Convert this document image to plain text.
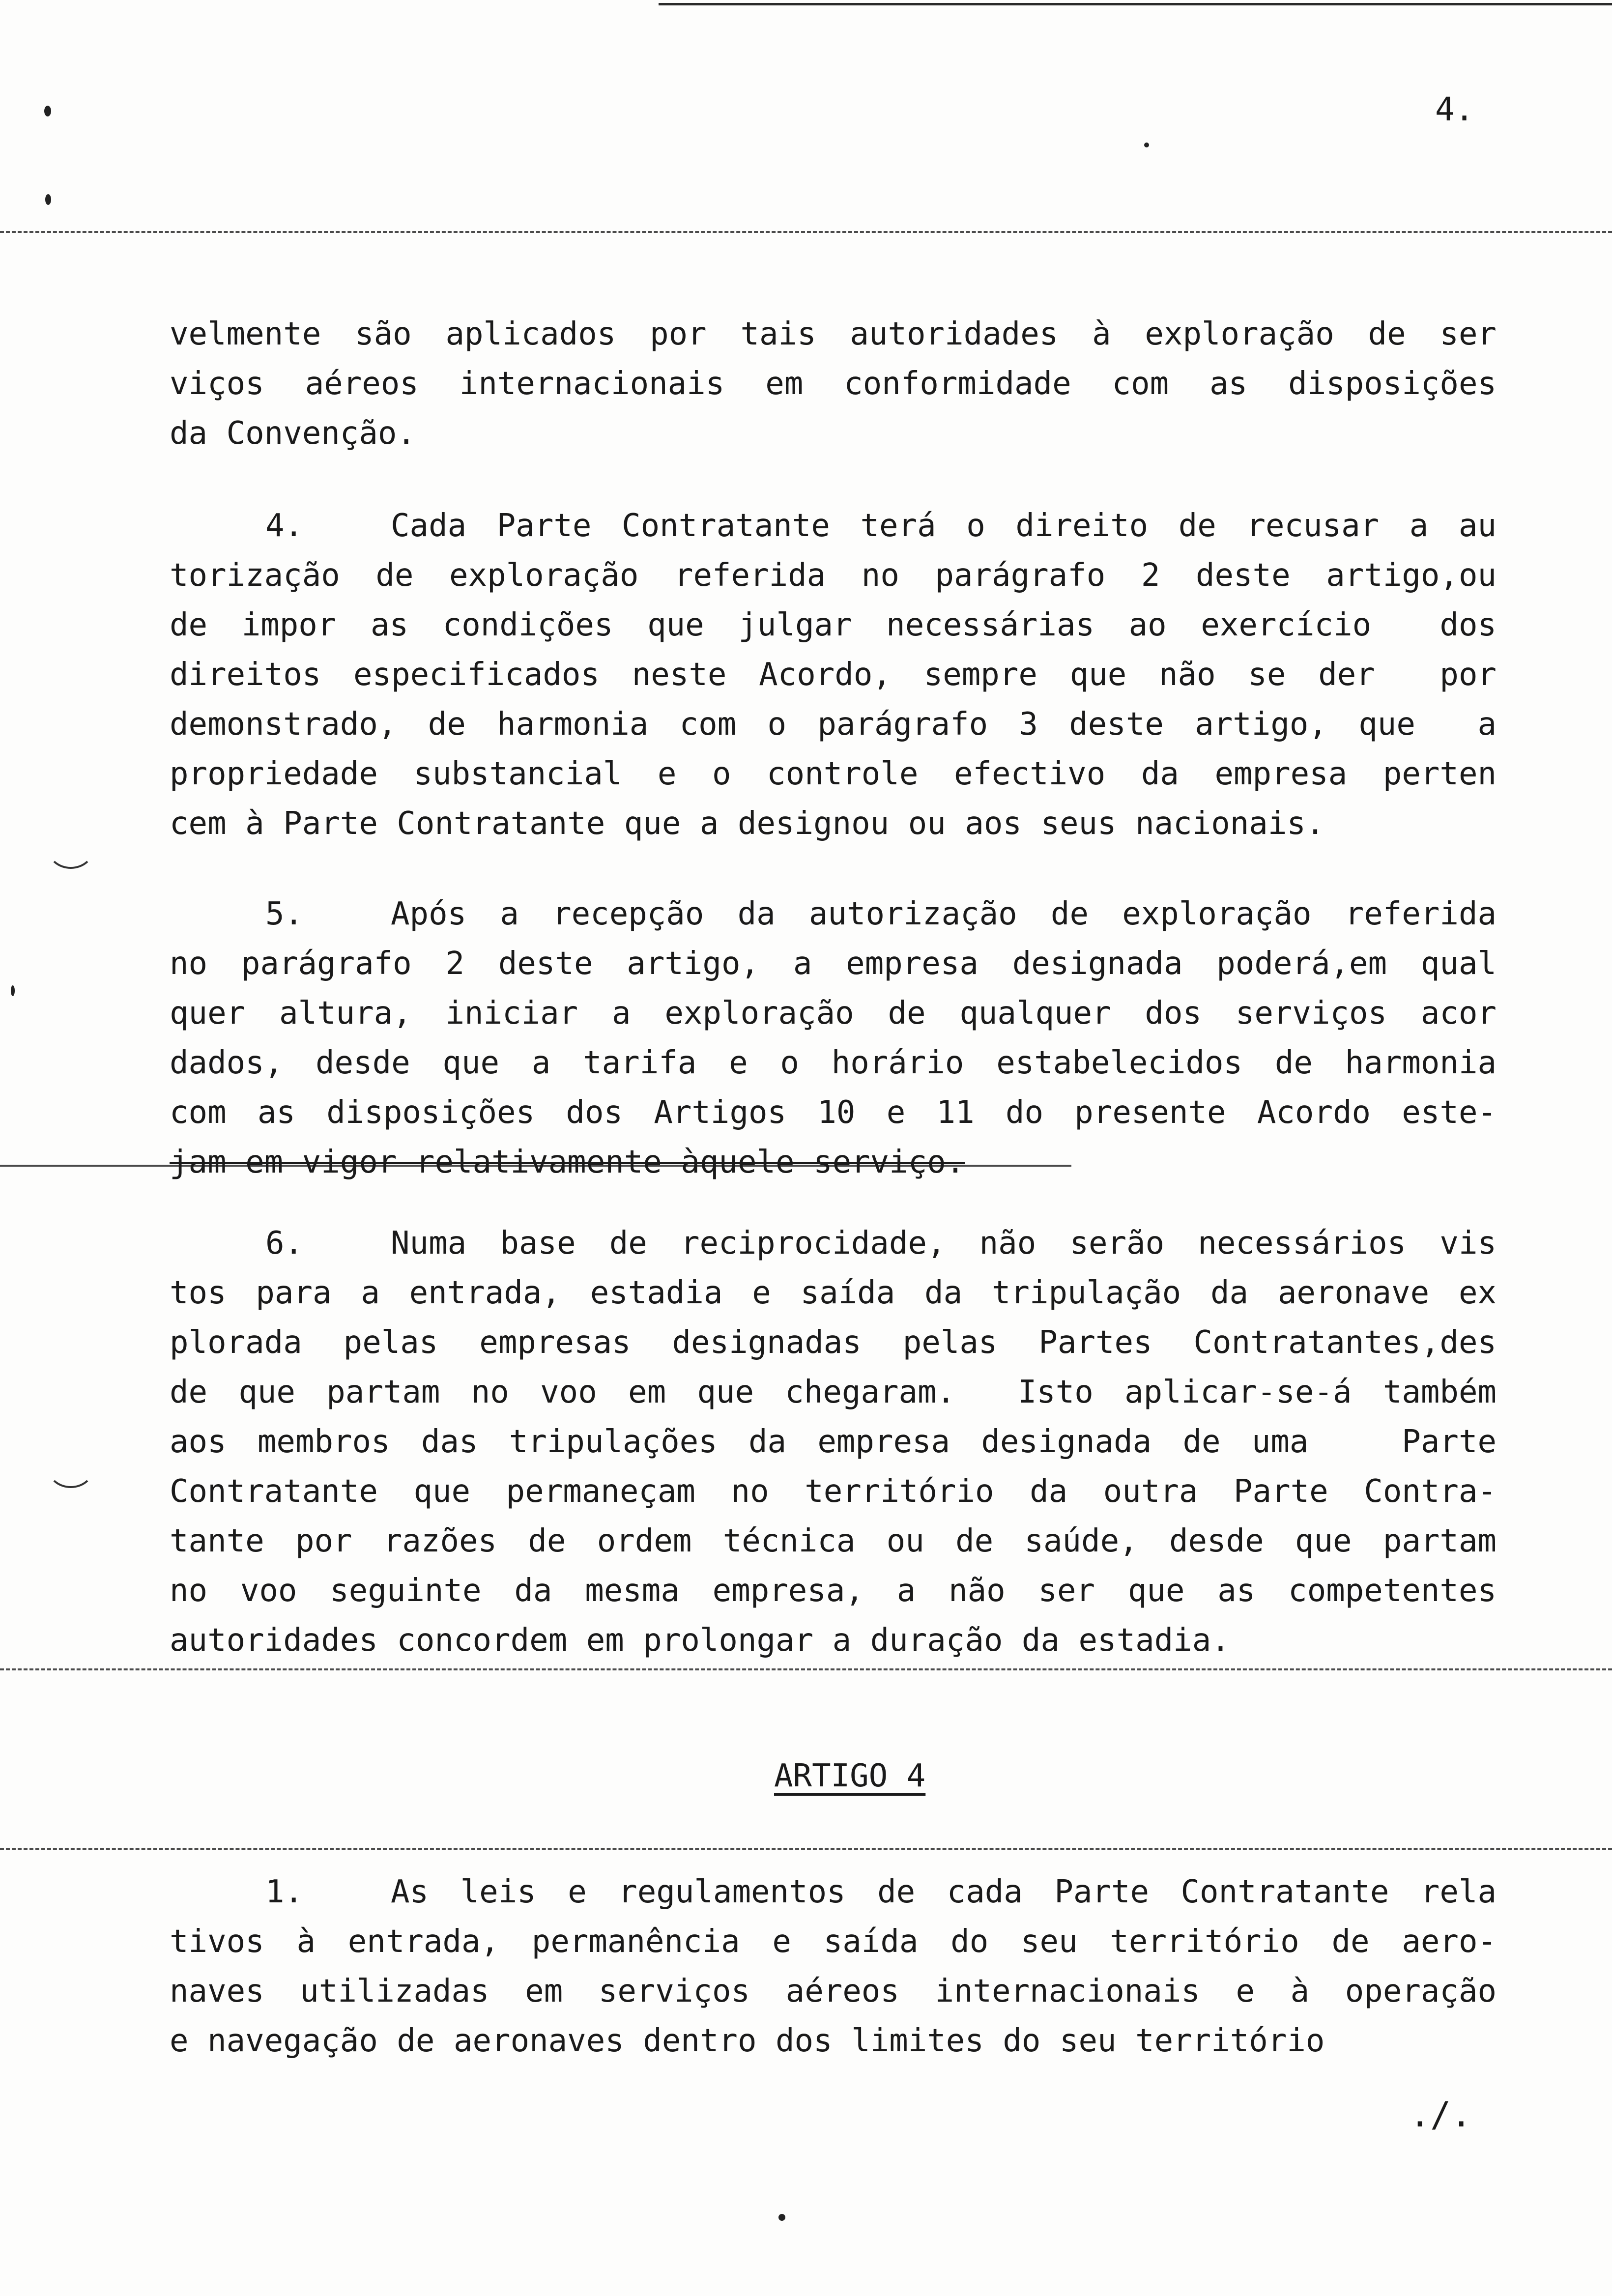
4.
velmente são aplicados por tais autoridades à exploração de ser
viços aéreos internacionais em conformidade com as disposições
da Convenção.
4.	Cada Parte Contratante terá o direito de recusar a au
torização de exploração referida no parágrafo 2 deste artigo,ou
de impor as condições que julgar necessárias ao exercício  dos
direitos especificados neste Acordo, sempre que não se der  por
demonstrado, de harmonia com o parágrafo 3 deste artigo, que  a
propriedade substancial e o controle efectivo da empresa perten
cem à Parte Contratante que a designou ou aos seus nacionais.
5.	Após a recepção da autorização de exploração referida
no parágrafo 2 deste artigo, a empresa designada poderá,em qual
quer altura, iniciar a exploração de qualquer dos serviços acor
dados, desde que a tarifa e o horário estabelecidos de harmonia
com as disposições dos Artigos 10 e 11 do presente Acordo este-
jam em vigor relativamente àquele serviço.
6.	Numa base de reciprocidade, não serão necessários vis
tos para a entrada, estadia e saída da tripulação da aeronave ex
plorada pelas empresas designadas pelas Partes Contratantes,des
de que partam no voo em que chegaram.  Isto aplicar-se-á também
aos membros das tripulações da empresa designada de uma   Parte
Contratante que permaneçam no território da outra Parte Contra-
tante por razões de ordem técnica ou de saúde, desde que partam
no voo seguinte da mesma empresa, a não ser que as competentes
autoridades concordem em prolongar a duração da estadia.
ARTIGO 4
1.	As leis e regulamentos de cada Parte Contratante rela
tivos à entrada, permanência e saída do seu território de aero-
naves utilizadas em serviços aéreos internacionais e à operação
e navegação de aeronaves dentro dos limites do seu território
./.
